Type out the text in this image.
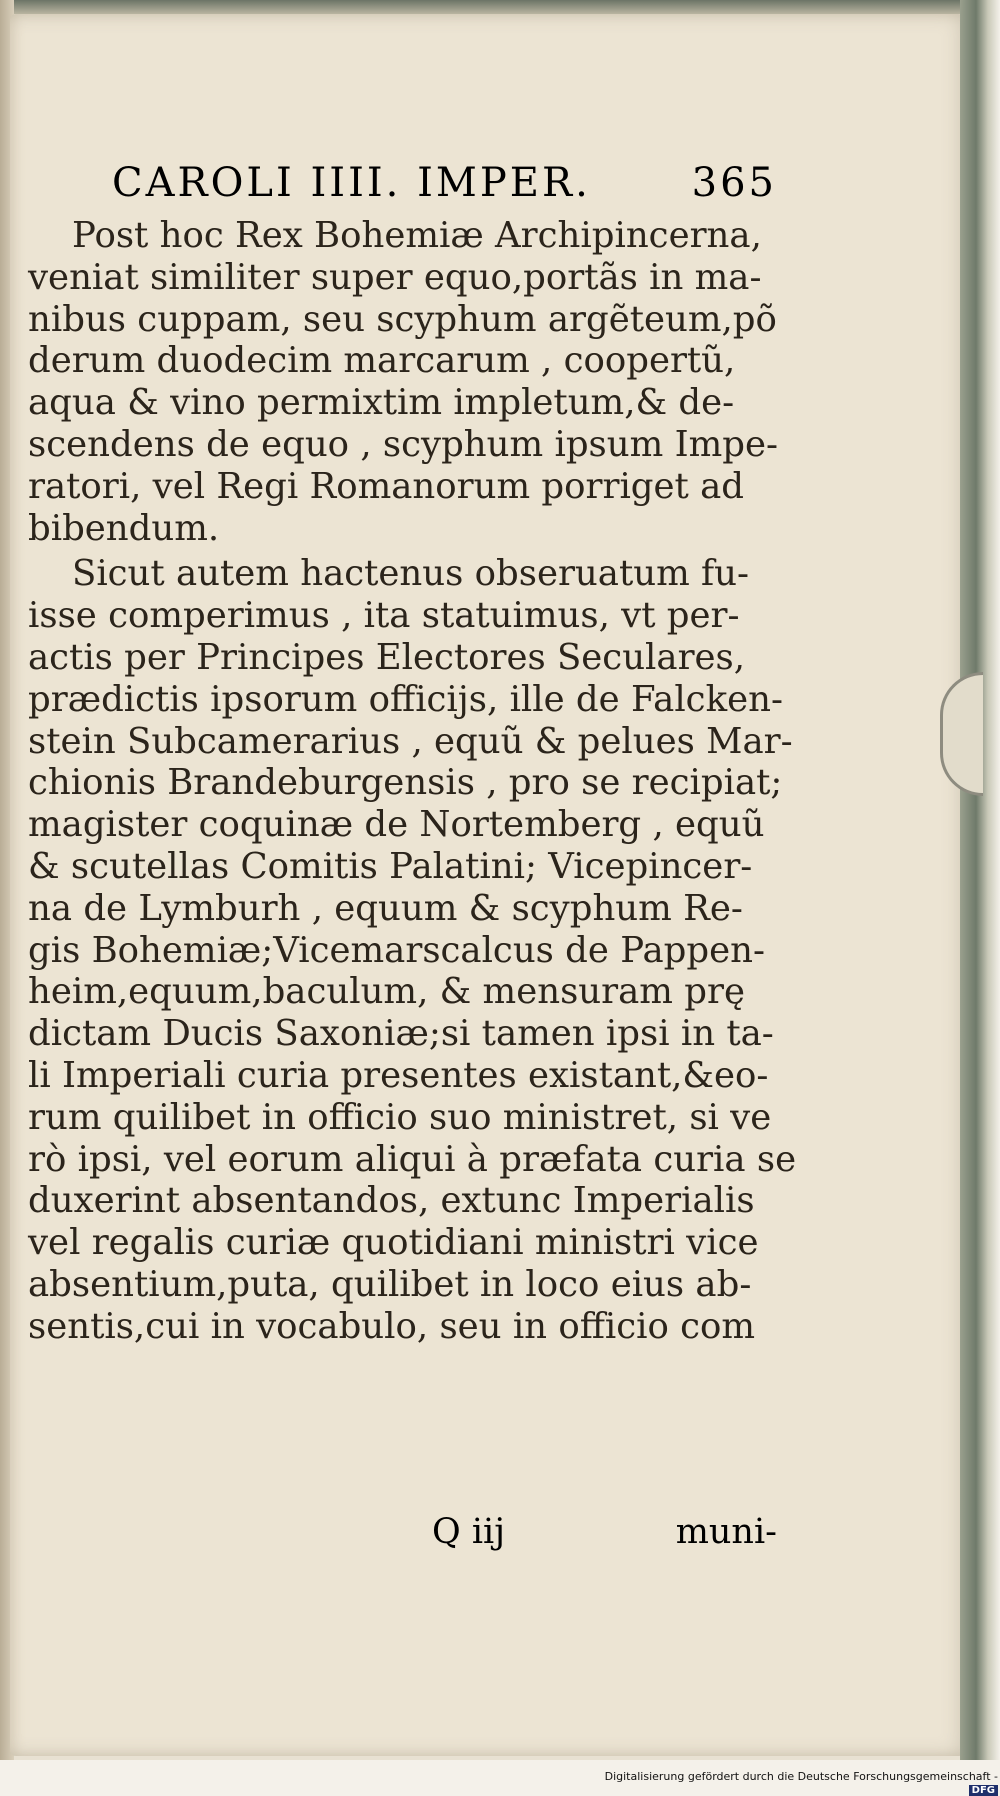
CAROLI IIII. IMPER.	365
Post hoc Rex Bohemiæ Archipincerna,
veniat similiter super equo,portãs in ma-
nibus cuppam, seu scyphum argẽteum,põ
derum duodecim marcarum , coopertũ,
aqua & vino permixtim impletum,& de-
scendens de equo , scyphum ipsum Impe-
ratori, vel Regi Romanorum porriget ad
bibendum.
Sicut autem hactenus obseruatum fu-
isse comperimus , ita statuimus, vt per-
actis per Principes Electores Seculares,
prædictis ipsorum officijs, ille de Falcken-
stein Subcamerarius , equũ & pelues Mar-
chionis Brandeburgensis , pro se recipiat;
magister coquinæ de Nortemberg , equũ
& scutellas Comitis Palatini; Vicepincer-
na de Lymburh , equum & scyphum Re-
gis Bohemiæ;Vicemarscalcus de Pappen-
heim,equum,baculum, & mensuram prę
dictam Ducis Saxoniæ;si tamen ipsi in ta-
li Imperiali curia presentes existant,&eo-
rum quilibet in officio suo ministret, si ve
rò ipsi, vel eorum aliqui à præfata curia se
duxerint absentandos, extunc Imperialis
vel regalis curiæ quotidiani ministri vice
absentium,puta, quilibet in loco eius ab-
sentis,cui in vocabulo, seu in officio com
Q iij	muni-
Digitalisierung gefördert durch die Deutsche Forschungsgemeinschaft -DFG
